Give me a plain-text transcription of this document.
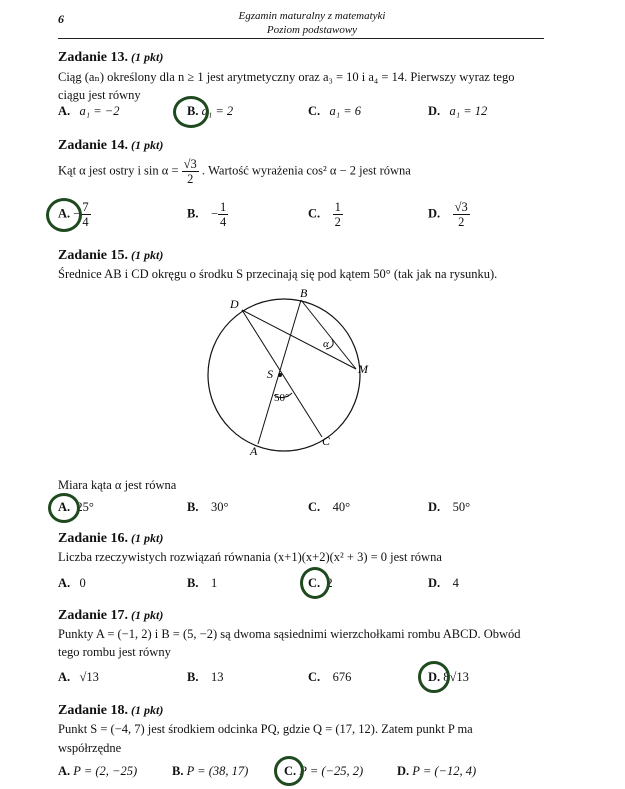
6	Egzamin maturalny z matematyki
Poziom podstawowy
Zadanie 13. (1 pkt)
Ciąg (aₙ) określony dla n ≥ 1 jest arytmetyczny oraz a₃ = 10 i a₄ = 14. Pierwszy wyraz tego
ciągu jest równy
A. a₁ = −2	B. a₁ = 2	C. a₁ = 6	D. a₁ = 12
Zadanie 14. (1 pkt)
Kąt α jest ostry i $\sin \alpha = \frac{√3}{2}$ . Wartość wyrażenia cos² α − 2 jest równa
A. − $\frac{7}{4}$	B. − $\frac{1}{4}$	C. $\frac{1}{2}$	D. $\frac{√3}{2}$
Zadanie 15. (1 pkt)
Średnice AB i CD okręgu o środku S przecinają się pod kątem 50° (tak jak na rysunku).
D
B
M
S
C
A
α
50°
Miara kąta α jest równa
A. 25°	B. 30°	C. 40°	D. 50°
Zadanie 16. (1 pkt)
Liczba rzeczywistych rozwiązań równania (x+1)(x+2)(x² + 3) = 0 jest równa
A. 0	B. 1	C. 2	D. 4
Zadanie 17. (1 pkt)
Punkty A = (−1, 2) i B = (5, −2) są dwoma sąsiednimi wierzchołkami rombu ABCD. Obwód
tego rombu jest równy
A. √13	B. 13	C. 676	D. 8√13
Zadanie 18. (1 pkt)
Punkt S = (−4, 7) jest środkiem odcinka PQ, gdzie Q = (17, 12). Zatem punkt P ma
współrzędne
A. P = (2, −25)	B. P = (38, 17)	C. P = (−25, 2)	D. P = (−12, 4)
